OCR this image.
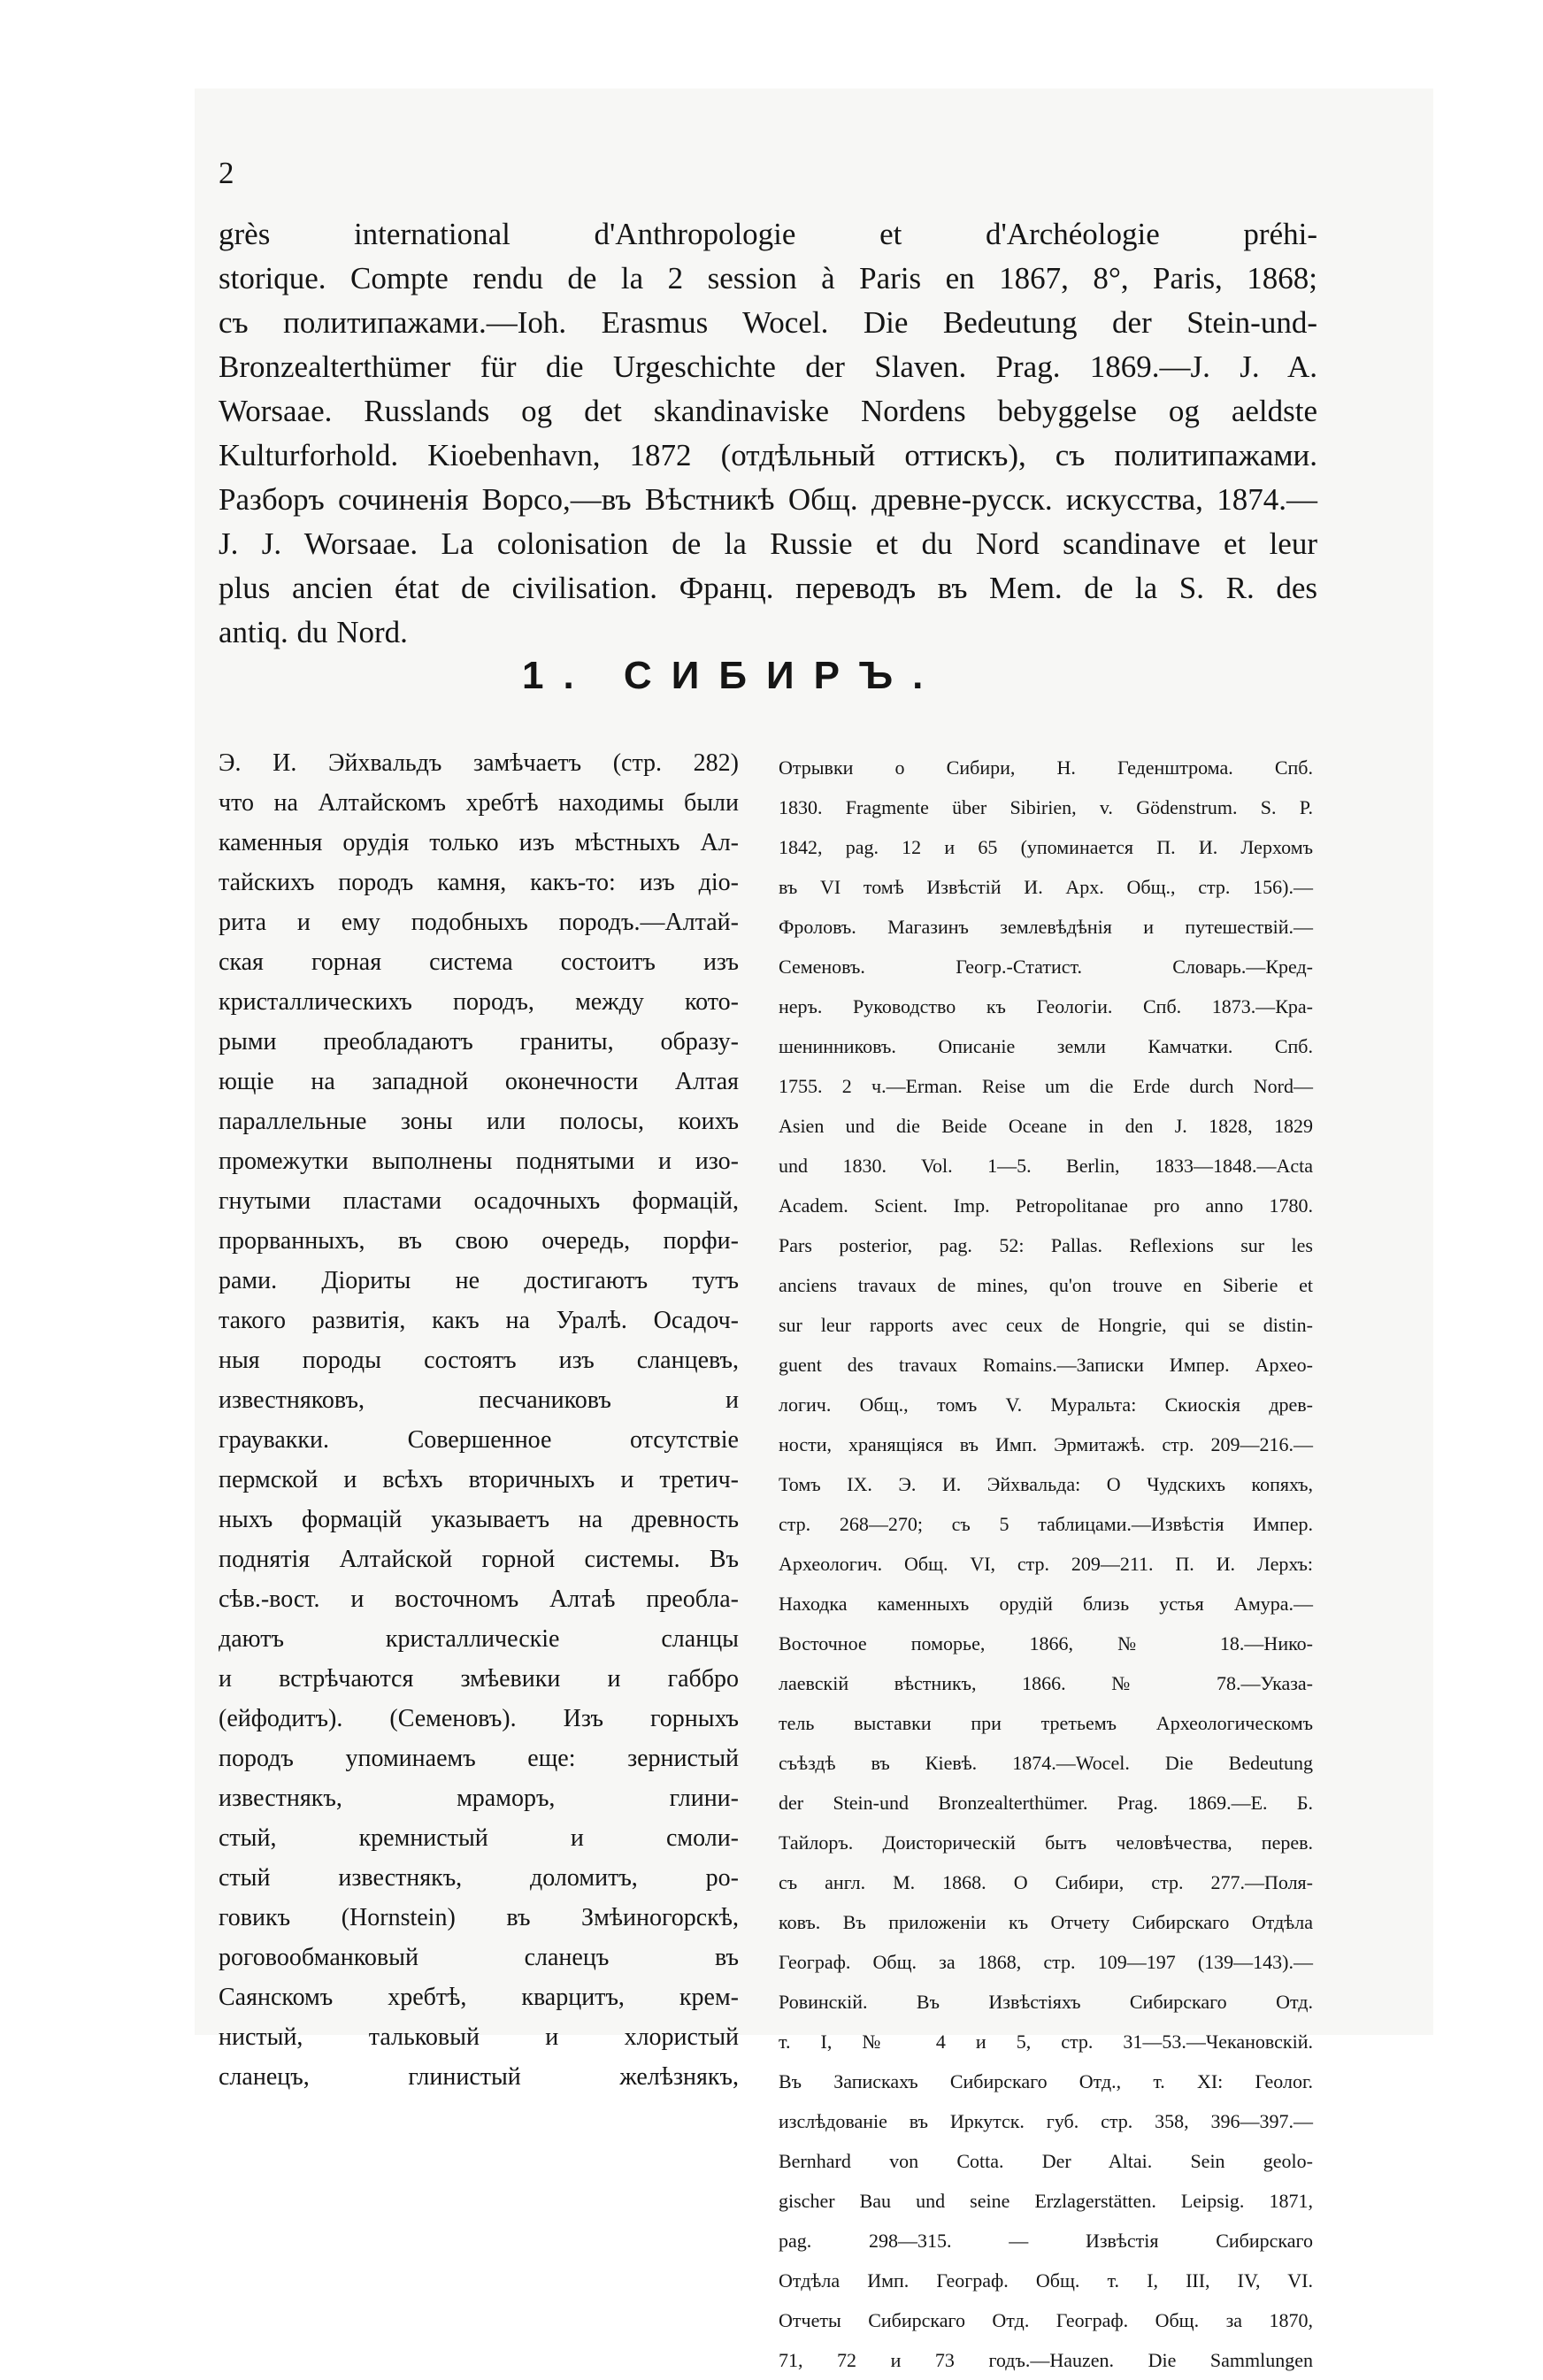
2
grès international d'Anthropologie et d'Archéologie préhi-
storique. Compte rendu de la 2 session à Paris en 1867, 8°, Paris, 1868;
съ политипажами.—Ioh. Erasmus Wocel. Die Bedeutung der Stein-und-
Bronzealterthümer für die Urgeschichte der Slaven. Prag. 1869.—J. J. A.
Worsaae. Russlands og det skandinaviske Nordens bebyggelse og aeldste
Kulturforhold. Kioebenhavn, 1872 (отдѣльный оттискъ), съ политипажами.
Разборъ сочиненія Ворсо,—въ Вѣстникѣ Общ. древне-русск. искусства, 1874.—
J. J. Worsaae. La colonisation de la Russie et du Nord scandinave et leur
plus ancien état de civilisation. Франц. переводъ въ Mem. de la S. R. des
antiq. du Nord.
1. СИБИРЪ.
Э. И. Эйхвальдъ замѣчаетъ (стр. 282)
что на Алтайскомъ хребтѣ находимы были
каменныя орудія только изъ мѣстныхъ Ал-
тайскихъ породъ камня, какъ-то: изъ діо-
рита и ему подобныхъ породъ.—Алтай-
ская горная система состоитъ изъ
кристаллическихъ породъ, между кото-
рыми преобладаютъ граниты, образу-
ющіе на западной оконечности Алтая
параллельные зоны или полосы, коихъ
промежутки выполнены поднятыми и изо-
гнутыми пластами осадочныхъ формацій,
прорванныхъ, въ свою очередь, порфи-
рами. Діориты не достигаютъ тутъ
такого развитія, какъ на Уралѣ. Осадоч-
ныя породы состоятъ изъ сланцевъ,
известняковъ, песчаниковъ и
граувакки. Совершенное отсутствіе
пермской и всѣхъ вторичныхъ и третич-
ныхъ формацій указываетъ на древность
поднятія Алтайской горной системы. Въ
сѣв.-вост. и восточномъ Алтаѣ преобла-
даютъ кристаллическіе сланцы
и встрѣчаются змѣевики и габбро
(ейфодитъ). (Семеновъ). Изъ горныхъ
породъ упоминаемъ еще: зернистый
известнякъ, мраморъ, глини-
стый, кремнистый и смоли-
стый известнякъ, доломитъ, ро-
говикъ (Hornstein) въ Змѣиногорскѣ,
роговообманковый сланецъ въ
Саянскомъ хребтѣ, кварцитъ, крем-
нистый, тальковый и хлористый
сланецъ, глинистый желѣзнякъ,
Отрывки о Сибири, Н. Геденштрома. Спб.
1830. Fragmente über Sibirien, v. Gödenstrum. S. P.
1842, pag. 12 и 65 (упоминается П. И. Лерхомъ
въ VI томѣ Извѣстій И. Арх. Общ., стр. 156).—
Фроловъ. Магазинъ землевѣдѣнія и путешествій.—
Семеновъ. Геогр.-Статист. Словарь.—Кред-
неръ. Руководство къ Геологіи. Спб. 1873.—Кра-
шенинниковъ. Описаніе земли Камчатки. Спб.
1755. 2 ч.—Erman. Reise um die Erde durch Nord—
Asien und die Beide Oceane in den J. 1828, 1829
und 1830. Vol. 1—5. Berlin, 1833—1848.—Acta
Academ. Scient. Imp. Petropolitanae pro anno 1780.
Pars posterior, pag. 52: Pallas. Reflexions sur les
anciens travaux de mines, qu'on trouve en Siberie et
sur leur rapports avec ceux de Hongrie, qui se distin-
guent des travaux Romains.—Записки Импер. Архео-
логич. Общ., томъ V. Муральта: Скиоскія древ-
ности, хранящіяся въ Имп. Эрмитажѣ. стр. 209—216.—
Томъ IX. Э. И. Эйхвальда: О Чудскихъ копяхъ,
стр. 268—270; съ 5 таблицами.—Извѣстія Импер.
Археологич. Общ. VI, стр. 209—211. П. И. Лерхъ:
Находка каменныхъ орудій близь устья Амура.—
Восточное поморье, 1866, № 18.—Нико-
лаевскій вѣстникъ, 1866. № 78.—Указа-
тель выставки при третьемъ Археологическомъ
съѣздѣ въ Кіевѣ. 1874.—Wocel. Die Bedeutung
der Stein-und Bronzealterthümer. Prag. 1869.—Е. Б.
Тайлоръ. Доисторическій бытъ человѣчества, перев.
съ англ. М. 1868. О Сибири, стр. 277.—Поля-
ковъ. Въ приложеніи къ Отчету Сибирскаго Отдѣла
Географ. Общ. за 1868, стр. 109—197 (139—143).—
Ровинскій. Въ Извѣстіяхъ Сибирскаго Отд.
т. I, № 4 и 5, стр. 31—53.—Чекановскій.
Въ Запискахъ Сибирскаго Отд., т. XI: Геолог.
изслѣдованіе въ Иркутск. губ. стр. 358, 396—397.—
Bernhard von Cotta. Der Altai. Sein geolo-
gischer Bau und seine Erzlagerstätten. Leipsig. 1871,
pag. 298—315. — Извѣстія Сибирскаго
Отдѣла Имп. Географ. Общ. т. I, III, IV, VI.
Отчеты Сибирскаго Отд. Географ. Общ. за 1870,
71, 72 и 73 годъ.—Hauzen. Die Sammlungen
